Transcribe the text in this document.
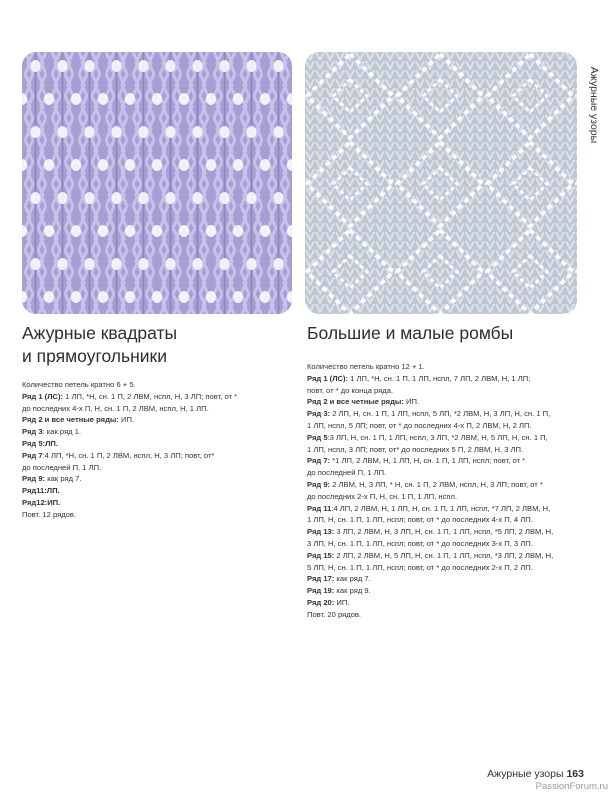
Ажурные узоры
Ажурные квадраты
и прямоугольники

Количество петель кратно 6 + 5.

Ряд 1 (ЛС): 1 ЛП, *Н, сн. 1 П, 2 ЛВМ, нспл, Н, 3 ЛП; повт, от *

до последних 4-х П, Н, сн. 1 П, 2 ЛВМ, нспл, Н, 1 ЛП.

Ряд 2 и все четные ряды: ИП.

Ряд 3: как ряд 1.

Ряд 5:ЛП.

Ряд 7:4 ЛП, *Н, сн. 1 П, 2 ЛВМ, нспл, Н, 3 ЛП; повт, от*

до последней П, 1 ЛП.

Ряд 9: как ряд 7.

Ряд11:ЛП.

Ряд12:ИП.

Повт. 12 рядов.

Большие и малые ромбы

Количество петель кратно 12 + 1.

Ряд 1 (ЛС): 1 ЛП, *Н, сн. 1 П, 1 ЛП, нспл, 7 ЛП, 2 ЛВМ, Н, 1 ЛП;

повт, от * до конца ряда.

Ряд 2 и все четные ряды: ИП.

Ряд 3: 2 ЛП, Н, сн. 1 П, 1 ЛП, нспл, 5 ЛП, *2 ЛВМ, Н, 3 ЛП, Н, сн. 1 П,

1 ЛП, нспл, 5 ЛП; повт, от * до последних 4-х П, 2 ЛВМ, Н, 2 ЛП.

Ряд 5:3 ЛП, Н, сн. 1 П, 1 ЛП, нспл, 3 ЛП, *2 ЛВМ, Н, 5 ЛП, Н, сн. 1 П,

1 ЛП, нспл, 3 ЛП; повт, от* до последних 5 П, 2 ЛВМ, Н, 3 ЛП.

Ряд 7: *1 ЛП, 2 ЛВМ, Н, 1 ЛП, Н, сн. 1 П, 1 ЛП, нспл; повт, от *

до последней П, 1 ЛП.

Ряд 9: 2 ЛВМ, Н, 3 ЛП, * Н, сн. 1 П, 2 ЛВМ, нспл, Н, 3 ЛП; повт, от *

до последних 2-х П, Н, сн. 1 П, 1 ЛП, нспл.

Ряд 11:4 ЛП, 2 ЛВМ, Н, 1 ЛП, Н, сн. 1 П, 1 ЛП, нспл, *7 ЛП, 2 ЛВМ, Н,

1 ЛП, Н, сн. 1 П, 1 ЛП, нспл; повт, от * до последних 4-х П, 4 ЛП.

Ряд 13: 3 ЛП, 2 ЛВМ, Н, 3 ЛП, Н, сн. 1 П, 1 ЛП, нспл, *5 ЛП, 2 ЛВМ, Н,

3 ЛП, Н, сн. 1 П, 1 ЛП, нспл; повт, от * до последних 3-х П, 3 ЛП.

Ряд 15: 2 ЛП, 2 ЛВМ, Н, 5 ЛП, Н, сн. 1 П, 1 ЛП, нспл, *3 ЛП, 2 ЛВМ, Н,

5 ЛП, Н, сн. 1 П, 1 ЛП, нспл; повт, от * до последних 2-х П, 2 ЛП.

Ряд 17: как ряд 7.

Ряд 19: как ряд 9.

Ряд 20: ИП.

Повт. 20 рядов.

Ажурные узоры 163
PassionForum.ru
